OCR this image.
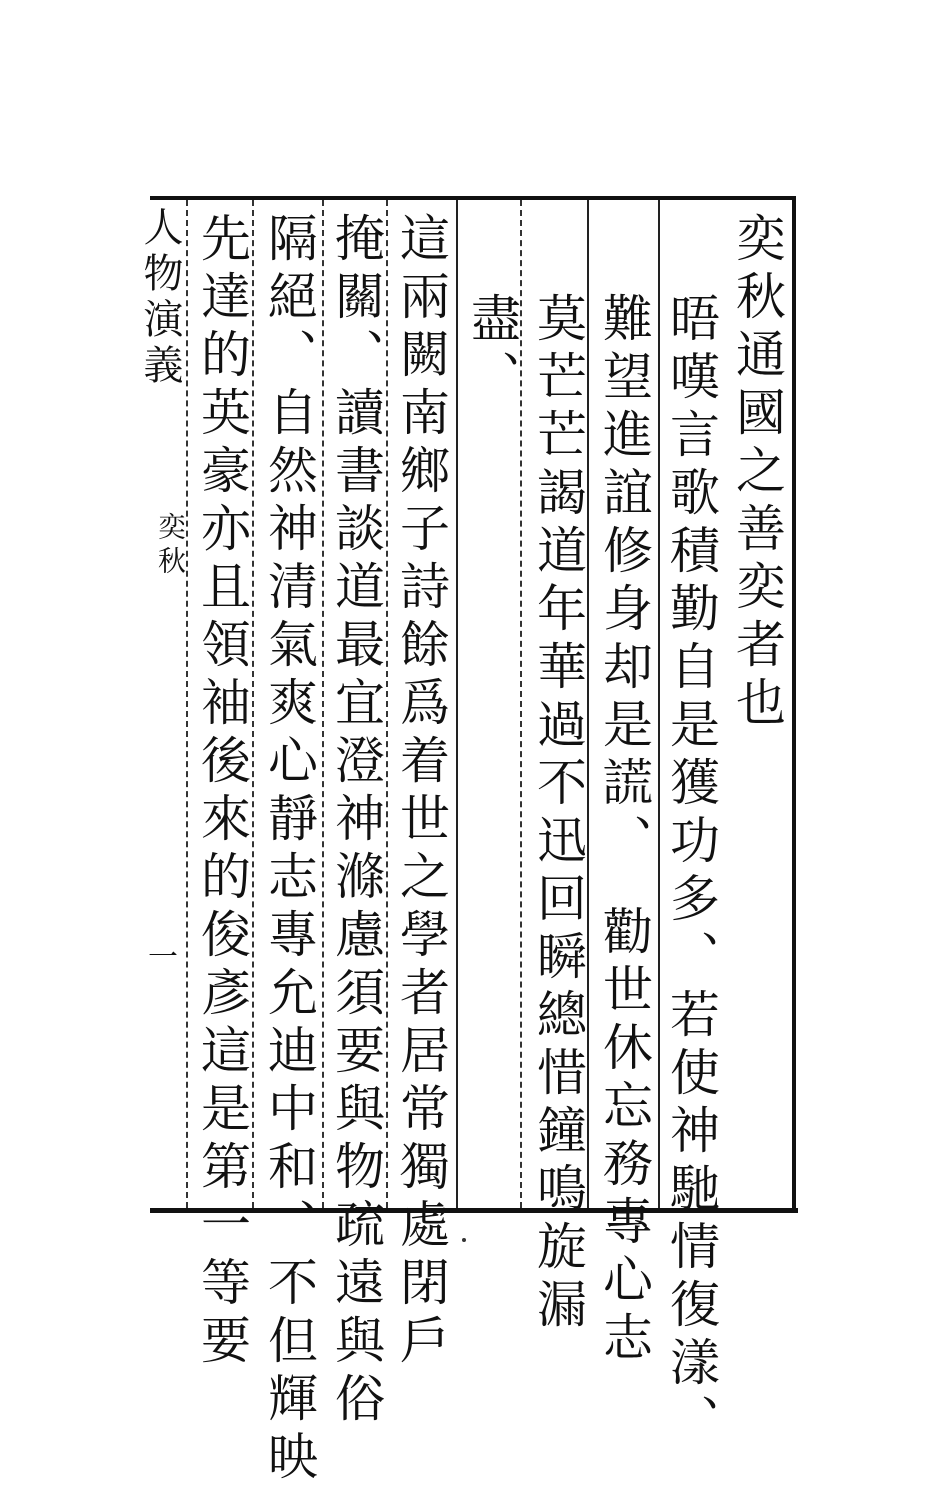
奕秋通國之善奕者也
晤嘆言歌積勤自是獲功多、若使神馳情復漾、
難望進誼修身却是謊、　勸世休忘務專心志
莫芒芒謁道年華過不迅回瞬總惜鐘鳴旋漏
盡、
這兩闕南鄉子詩餘爲着世之學者居常獨處閉戶
掩關、讀書談道最宜澄神滌慮須要與物疏遠與俗
隔絕、自然神清氣爽心靜志專允迪中和、不但輝映
先達的英豪亦且領袖後來的俊彥這是第一等要
人物演義
奕秋
一
